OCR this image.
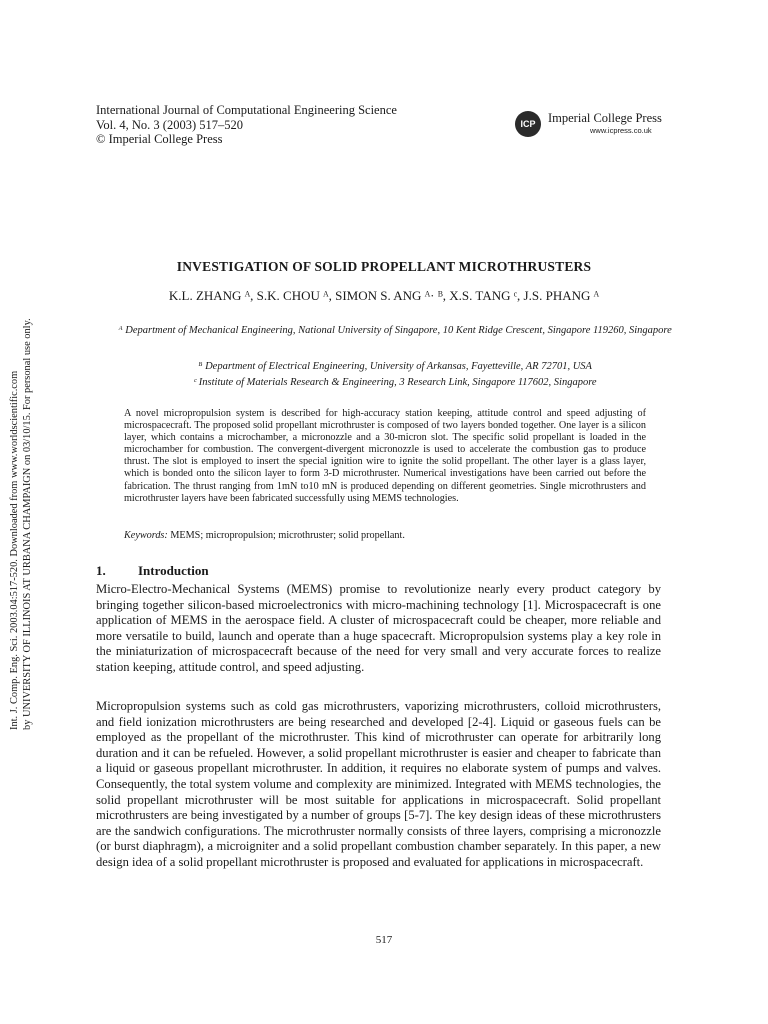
Int. J. Comp. Eng. Sci. 2003.04:517-520. Downloaded from www.worldscientific.com by UNIVERSITY OF ILLINOIS AT URBANA CHAMPAIGN on 03/10/15. For personal use only.
International Journal of Computational Engineering Science
Vol. 4, No. 3 (2003) 517–520
© Imperial College Press
ICP	Imperial College Press
www.icpress.co.uk
INVESTIGATION OF SOLID PROPELLANT MICROTHRUSTERS
K.L. ZHANG ᴬ, S.K. CHOU ᴬ, SIMON S. ANG ᴬ· ᴮ, X.S. TANG ᶜ, J.S. PHANG ᴬ
ᴬ Department of Mechanical Engineering, National University of Singapore, 10 Kent Ridge Crescent, Singapore 119260, Singapore
ᴮ Department of Electrical Engineering, University of Arkansas, Fayetteville, AR 72701, USA
ᶜ Institute of Materials Research & Engineering, 3 Research Link, Singapore 117602, Singapore
A novel micropropulsion system is described for high-accuracy station keeping, attitude control and speed adjusting of microspacecraft. The proposed solid propellant microthruster is composed of two layers bonded together. One layer is a silicon layer, which contains a microchamber, a micronozzle and a 30-micron slot. The specific solid propellant is loaded in the microchamber for combustion. The convergent-divergent micronozzle is used to accelerate the combustion gas to produce thrust. The slot is employed to insert the special ignition wire to ignite the solid propellant. The other layer is a glass layer, which is bonded onto the silicon layer to form 3-D microthruster. Numerical investigations have been carried out before the fabrication. The thrust ranging from 1mN to10 mN is produced depending on different geometries. Single microthrusters and microthruster layers have been fabricated successfully using MEMS technologies.
Keywords: MEMS; micropropulsion; microthruster; solid propellant.
1. Introduction
Micro-Electro-Mechanical Systems (MEMS) promise to revolutionize nearly every product category by bringing together silicon-based microelectronics with micro-machining technology [1]. Microspacecraft is one application of MEMS in the aerospace field. A cluster of microspacecraft could be cheaper, more reliable and more versatile to build, launch and operate than a huge spacecraft. Micropropulsion systems play a key role in the miniaturization of microspacecraft because of the need for very small and very accurate forces to realize station keeping, attitude control, and speed adjusting.
Micropropulsion systems such as cold gas microthrusters, vaporizing microthrusters, colloid microthrusters, and field ionization microthrusters are being researched and developed [2-4]. Liquid or gaseous fuels can be employed as the propellant of the microthruster. This kind of microthruster can operate for arbitrarily long duration and it can be refueled. However, a solid propellant microthruster is easier and cheaper to fabricate than a liquid or gaseous propellant microthruster. In addition, it requires no elaborate system of pumps and valves. Consequently, the total system volume and complexity are minimized. Integrated with MEMS technologies, the solid propellant microthruster will be most suitable for applications in microspacecraft. Solid propellant microthrusters are being investigated by a number of groups [5-7]. The key design ideas of these microthrusters are the sandwich configurations. The microthruster normally consists of three layers, comprising a micronozzle (or burst diaphragm), a microigniter and a solid propellant combustion chamber separately. In this paper, a new design idea of a solid propellant microthruster is proposed and evaluated for applications in microspacecraft.
517
